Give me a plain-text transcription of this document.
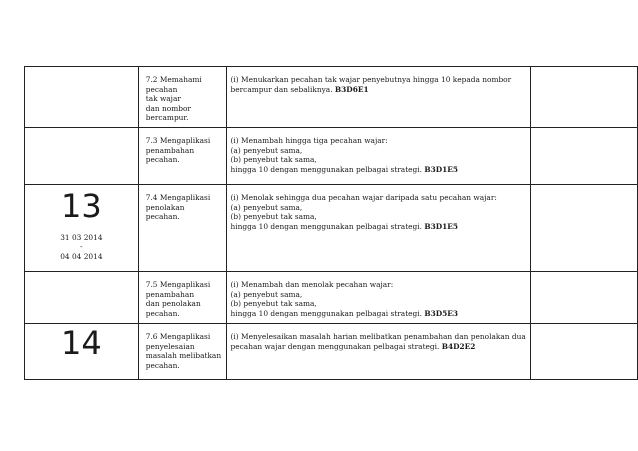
	7.2 Memahami pecahan
tak wajar
dan nombor
bercampur.	(i) Menukarkan pecahan tak wajar penyebutnya hingga 10 kepada nombor
bercampur dan sebaliknya. B3D6E1	

	7.3 Mengaplikasi
penambahan
pecahan.	(i) Menambah hingga tiga pecahan wajar:
(a) penyebut sama,
(b) penyebut tak sama,
hingga 10 dengan menggunakan pelbagai strategi. B3D1E5	

13
31 03 2014
-
04 04 2014	7.4 Mengaplikasi
penolakan
pecahan.	(i) Menolak sehingga dua pecahan wajar daripada satu pecahan wajar:
(a) penyebut sama,
(b) penyebut tak sama,
hingga 10 dengan menggunakan pelbagai strategi. B3D1E5	

	7.5 Mengaplikasi
penambahan
dan penolakan
pecahan.	(i) Menambah dan menolak pecahan wajar:
(a) penyebut sama,
(b) penyebut tak sama,
hingga 10 dengan menggunakan pelbagai strategi. B3D5E3	

14	7.6 Mengaplikasi
penyelesaian
masalah melibatkan
pecahan.	(i) Menyelesaikan masalah harian melibatkan penambahan dan penolakan dua
pecahan wajar dengan menggunakan pelbagai strategi. B4D2E2	
